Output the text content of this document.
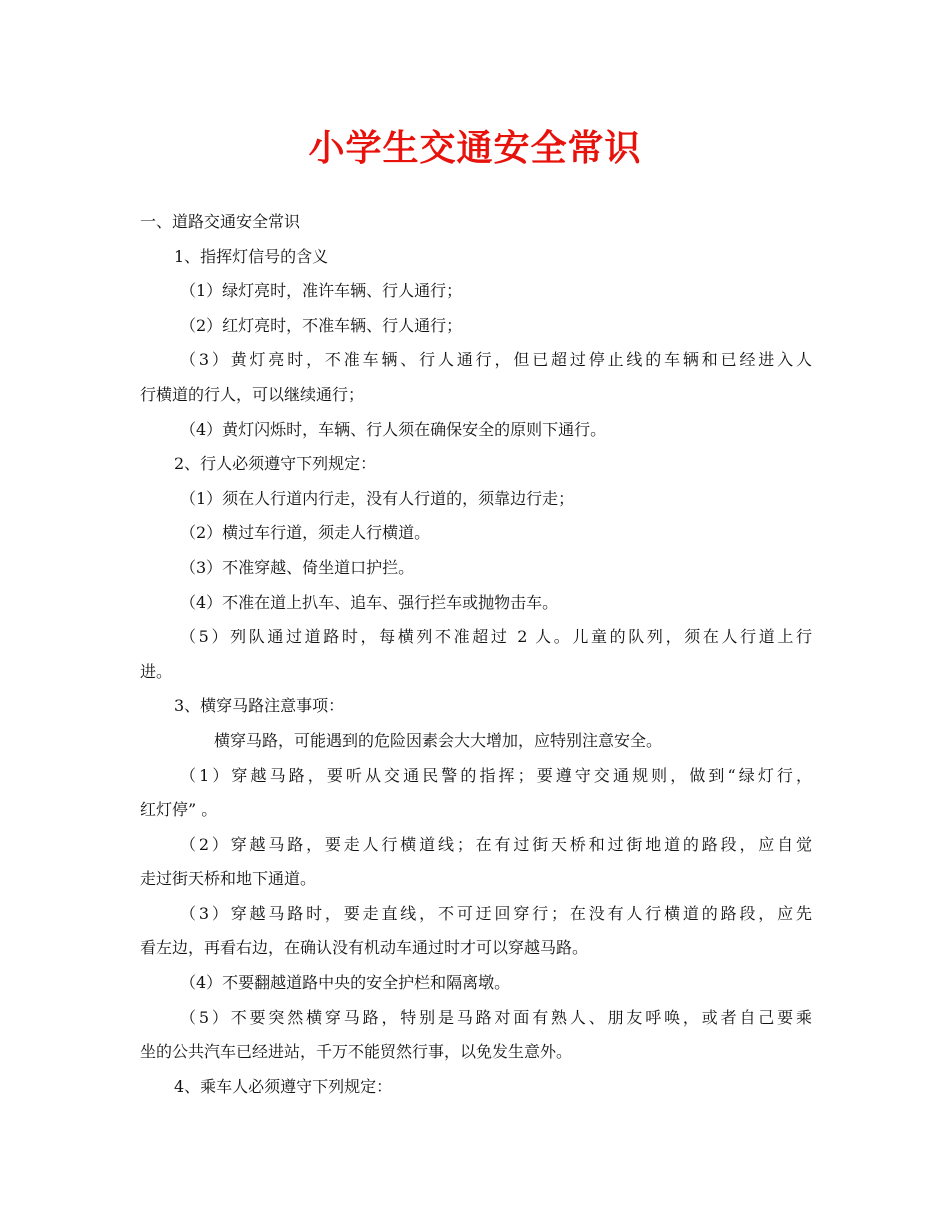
小学生交通安全常识
一、道路交通安全常识
1、指挥灯信号的含义
（1）绿灯亮时，准许车辆、行人通行；
（2）红灯亮时，不准车辆、行人通行；
（3）黄灯亮时，不准车辆、行人通行，但已超过停止线的车辆和已经进入人
行横道的行人，可以继续通行；
（4）黄灯闪烁时，车辆、行人须在确保安全的原则下通行。
2、行人必须遵守下列规定：
（1）须在人行道内行走，没有人行道的，须靠边行走；
（2）横过车行道，须走人行横道。
（3）不准穿越、倚坐道口护拦。
（4）不准在道上扒车、追车、强行拦车或抛物击车。
（5）列队通过道路时，每横列不准超过 2 人。儿童的队列，须在人行道上行
进。
3、横穿马路注意事项：
横穿马路，可能遇到的危险因素会大大增加，应特别注意安全。
（1）穿越马路，要听从交通民警的指挥；要遵守交通规则，做到“绿灯行，
红灯停” 。
（2）穿越马路，要走人行横道线；在有过街天桥和过街地道的路段，应自觉
走过街天桥和地下通道。
（3）穿越马路时，要走直线，不可迂回穿行；在没有人行横道的路段，应先
看左边，再看右边，在确认没有机动车通过时才可以穿越马路。
（4）不要翻越道路中央的安全护栏和隔离墩。
（5）不要突然横穿马路，特别是马路对面有熟人、朋友呼唤，或者自己要乘
坐的公共汽车已经进站，千万不能贸然行事，以免发生意外。
4、乘车人必须遵守下列规定：
